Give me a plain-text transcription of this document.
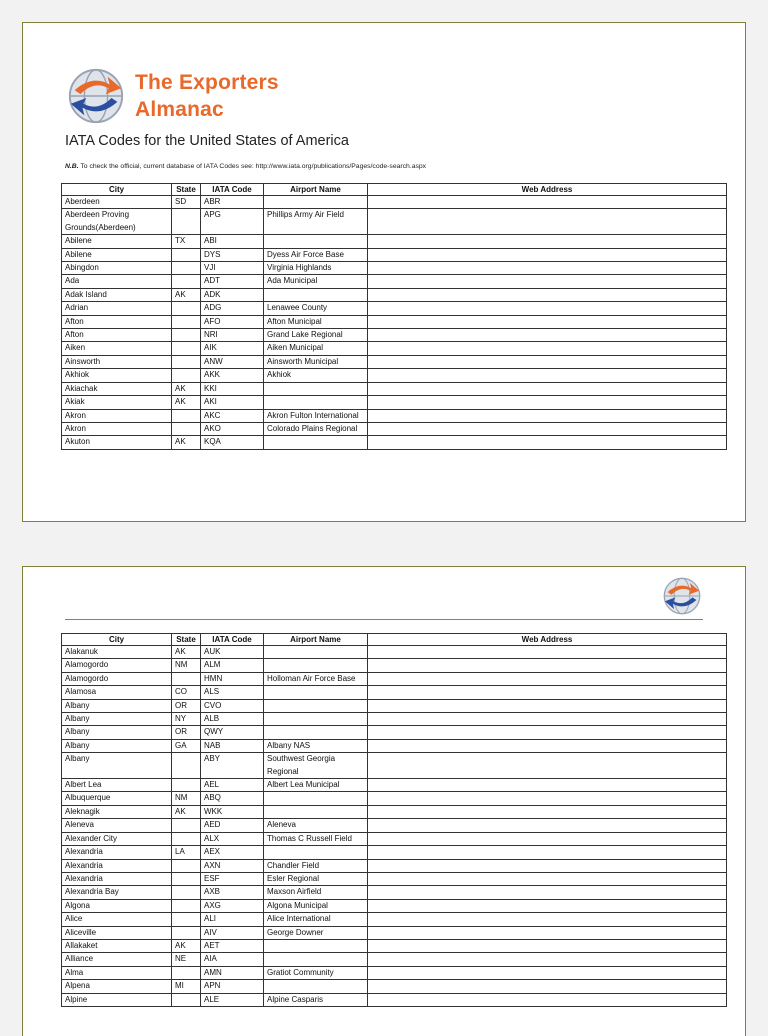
The Exporters
Almanac
IATA Codes for the United States of America
N.B. To check the official, current database of IATA Codes see: http://www.iata.org/publications/Pages/code-search.aspx
City	State	IATA Code	Airport Name	Web Address
Aberdeen	SD	ABR		
Aberdeen Proving Grounds(Aberdeen)		APG	Phillips Army Air Field	
Abilene	TX	ABI		
Abilene		DYS	Dyess Air Force Base	
Abingdon		VJI	Virginia Highlands	
Ada		ADT	Ada Municipal	
Adak Island	AK	ADK		
Adrian		ADG	Lenawee County	
Afton		AFO	Afton Municipal	
Afton		NRI	Grand Lake Regional	
Aiken		AIK	Aiken Municipal	
Ainsworth		ANW	Ainsworth Municipal	
Akhiok		AKK	Akhiok	
Akiachak	AK	KKI		
Akiak	AK	AKI		
Akron		AKC	Akron Fulton International	
Akron		AKO	Colorado Plains Regional	
Akuton	AK	KQA		
City	State	IATA Code	Airport Name	Web Address
Alakanuk	AK	AUK		
Alamogordo	NM	ALM		
Alamogordo		HMN	Holloman Air Force Base	
Alamosa	CO	ALS		
Albany	OR	CVO		
Albany	NY	ALB		
Albany	OR	QWY		
Albany	GA	NAB	Albany NAS	
Albany		ABY	Southwest Georgia Regional	
Albert Lea		AEL	Albert Lea Municipal	
Albuquerque	NM	ABQ		
Aleknagik	AK	WKK		
Aleneva		AED	Aleneva	
Alexander City		ALX	Thomas C Russell Field	
Alexandria	LA	AEX		
Alexandria		AXN	Chandler Field	
Alexandria		ESF	Esler Regional	
Alexandria Bay		AXB	Maxson Airfield	
Algona		AXG	Algona Municipal	
Alice		ALI	Alice International	
Aliceville		AIV	George Downer	
Allakaket	AK	AET		
Alliance	NE	AIA		
Alma		AMN	Gratiot Community	
Alpena	MI	APN		
Alpine		ALE	Alpine Casparis	
